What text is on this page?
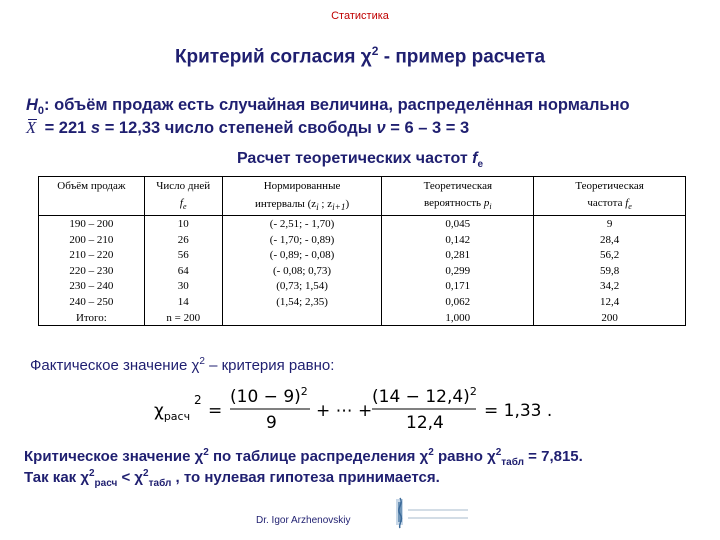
Статистика
Критерий согласия $\chi^2$ - пример расчета
$H_0$: объём продаж есть случайная величина, распределённая нормально
X = 221 s = 12,33 число степеней свободы ν = 6 – 3 = 3
Расчет теоретических частот $f_e$
Объём продаж	Число дней	Нормированные	Теоретическая	Теоретическая
	$f_e$	интервалы ($z_i$ ; $z_{i+1}$)	вероятность $p_i$	частота $f_e$
190 – 200	10	(- 2,51; - 1,70)	0,045	9
200 – 210	26	(- 1,70; - 0,89)	0,142	28,4
210 – 220	56	(- 0,89; - 0,08)	0,281	56,2
220 – 230	64	(- 0,08; 0,73)	0,299	59,8
230 – 240	30	(0,73; 1,54)	0,171	34,2
240 – 250	14	(1,54; 2,35)	0,062	12,4
Итого:	n = 200		1,000	200
Фактическое значение $\chi^2$ – критерия равно:
$\chi_{расч}$
2
=
$(10 - 9)^2$
9
+ ⋯ +
$(14 - 12,4)^2$
12,4
= 1,33 .
Критическое значение $\chi^2$ по таблице распределения $\chi^2$ равно $\chi^2_{табл} = 7,815$.
Так как $\chi^2_{расч} < \chi^2_{табл}$ , то нулевая гипотеза принимается.
Dr. Igor Arzhenovskiy
